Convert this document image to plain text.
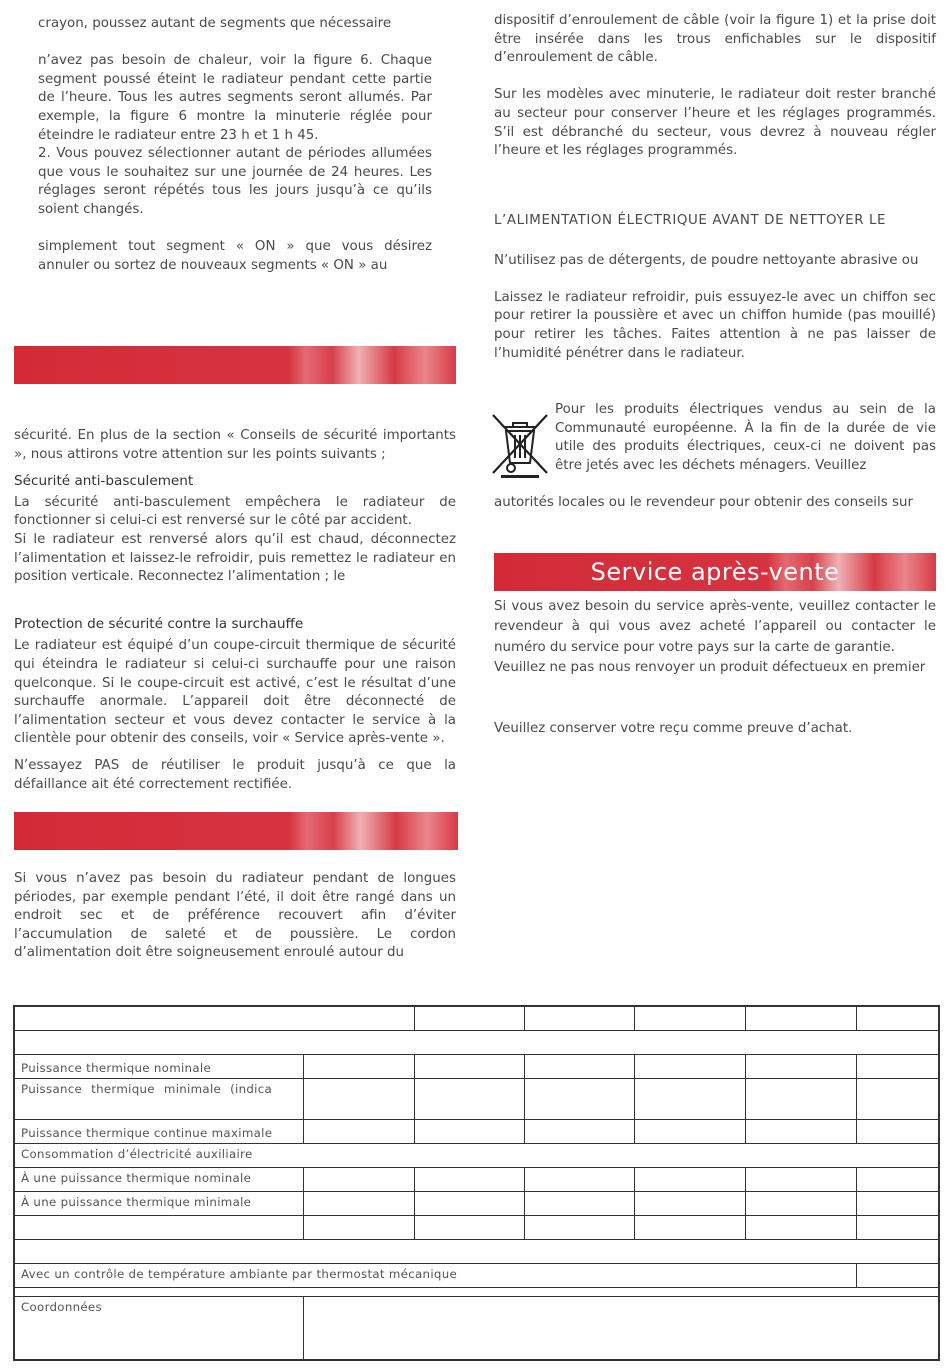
crayon, poussez autant de segments que nécessaire

n’avez pas besoin de chaleur, voir la figure 6. Chaque segment poussé éteint le radiateur pendant cette partie de l’heure. Tous les autres segments seront allumés. Par exemple, la figure 6 montre la minuterie réglée pour éteindre le radiateur entre 23 h et 1 h 45.

2. Vous pouvez sélectionner autant de périodes allumées que vous le souhaitez sur une journée de 24 heures. Les réglages seront répétés tous les jours jusqu’à ce qu’ils soient changés.

simplement tout segment « ON » que vous désirez annuler ou sortez de nouveaux segments « ON » au

sécurité. En plus de la section « Conseils de sécurité importants », nous attirons votre attention sur les points suivants ;

Sécurité anti-basculement

La sécurité anti-basculement empêchera le radiateur de fonctionner si celui-ci est renversé sur le côté par accident.

Si le radiateur est renversé alors qu’il est chaud, déconnectez l’alimentation et laissez-le refroidir, puis remettez le radiateur en position verticale. Reconnectez l’alimentation ; le

Protection de sécurité contre la surchauffe

Le radiateur est équipé d’un coupe-circuit thermique de sécurité qui éteindra le radiateur si celui-ci surchauffe pour une raison quelconque. Si le coupe-circuit est activé, c’est le résultat d’une surchauffe anormale. L’appareil doit être déconnecté de l’alimentation secteur et vous devez contacter le service à la clientèle pour obtenir des conseils, voir « Service après-vente ».

N’essayez PAS de réutiliser le produit jusqu’à ce que la défaillance ait été correctement rectifiée.

Si vous n’avez pas besoin du radiateur pendant de longues périodes, par exemple pendant l’été, il doit être rangé dans un endroit sec et de préférence recouvert afin d’éviter l’accumulation de saleté et de poussière. Le cordon d’alimentation doit être soigneusement enroulé autour du

dispositif d’enroulement de câble (voir la figure 1) et la prise doit être insérée dans les trous enfichables sur le dispositif d’enroulement de câble.

Sur les modèles avec minuterie, le radiateur doit rester branché au secteur pour conserver l’heure et les réglages programmés. S’il est débranché du secteur, vous devrez à nouveau régler l’heure et les réglages programmés.

L’ALIMENTATION ÉLECTRIQUE AVANT DE NETTOYER LE

N’utilisez pas de détergents, de poudre nettoyante abrasive ou

Laissez le radiateur refroidir, puis essuyez-le avec un chiffon sec pour retirer la poussière et avec un chiffon humide (pas mouillé) pour retirer les tâches. Faites attention à ne pas laisser de l’humidité pénétrer dans le radiateur.

Pour les produits électriques vendus au sein de la Communauté européenne. À la fin de la durée de vie utile des produits électriques, ceux-ci ne doivent pas être jetés avec les déchets ménagers. Veuillez

autorités locales ou le revendeur pour obtenir des conseils sur

Service après-vente

Si vous avez besoin du service après-vente, veuillez contacter le revendeur à qui vous avez acheté l’appareil ou contacter le numéro du service pour votre pays sur la carte de garantie.

Veuillez ne pas nous renvoyer un produit défectueux en premier

Veuillez conserver votre reçu comme preuve d’achat.

Puissance thermique nominale						
Puissance thermique minimale (indica						
Puissance thermique continue maximale						
Consommation d’électricité auxiliaire						
À une puissance thermique nominale						
À une puissance thermique minimale						

Avec un contrôle de température ambiante par thermostat mécanique						

Coordonnées						
